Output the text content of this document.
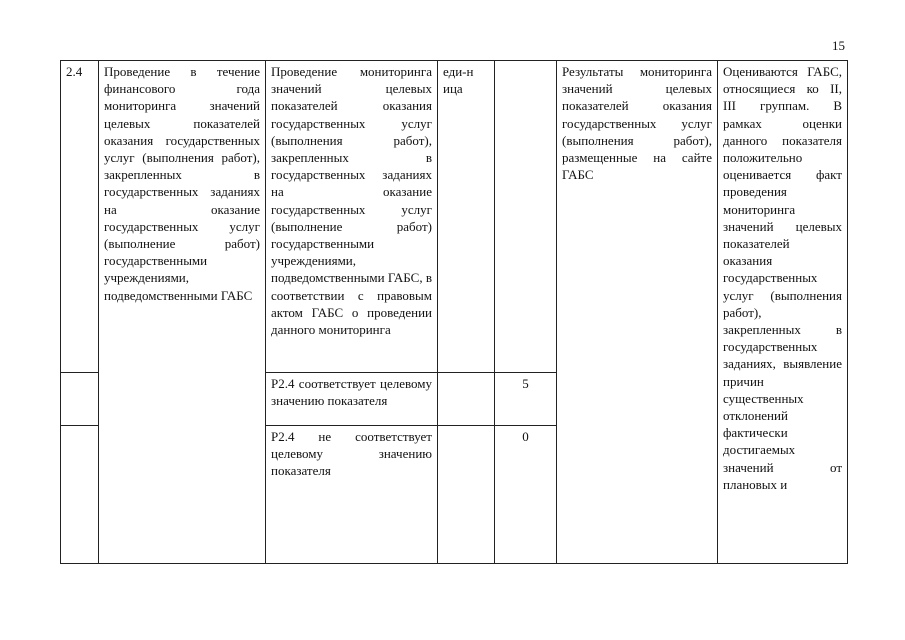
15
2.4	Проведение в течение финансового года мониторинга значений целевых показателей оказания государственных услуг (выполнения работ), закрепленных в государственных заданиях на оказание государственных услуг (выполнение работ) государственными учреждениями, подведомственными ГАБС
Проведение мониторинга значений целевых показателей оказания государственных услуг (выполнения работ), закрепленных в государственных заданиях на оказание государственных услуг (выполнение работ) государственными учреждениями, подведомственными ГАБС, в соответствии с правовым актом ГАБС о проведении данного мониторинга
Р2.4 соответствует целевому значению показателя
Р2.4 не соответствует целевому значению показателя
еди-ница
5
0
Результаты мониторинга значений целевых показателей оказания государственных услуг (выполнения работ), размещенные на сайте ГАБС
Оцениваются ГАБС, относящиеся ко II, III группам. В рамках оценки данного показателя положительно оценивается факт проведения мониторинга значений целевых показателей оказания государственных услуг (выполнения работ), закрепленных в государственных заданиях, выявление причин существенных отклонений фактически достигаемых значений от плановых и
